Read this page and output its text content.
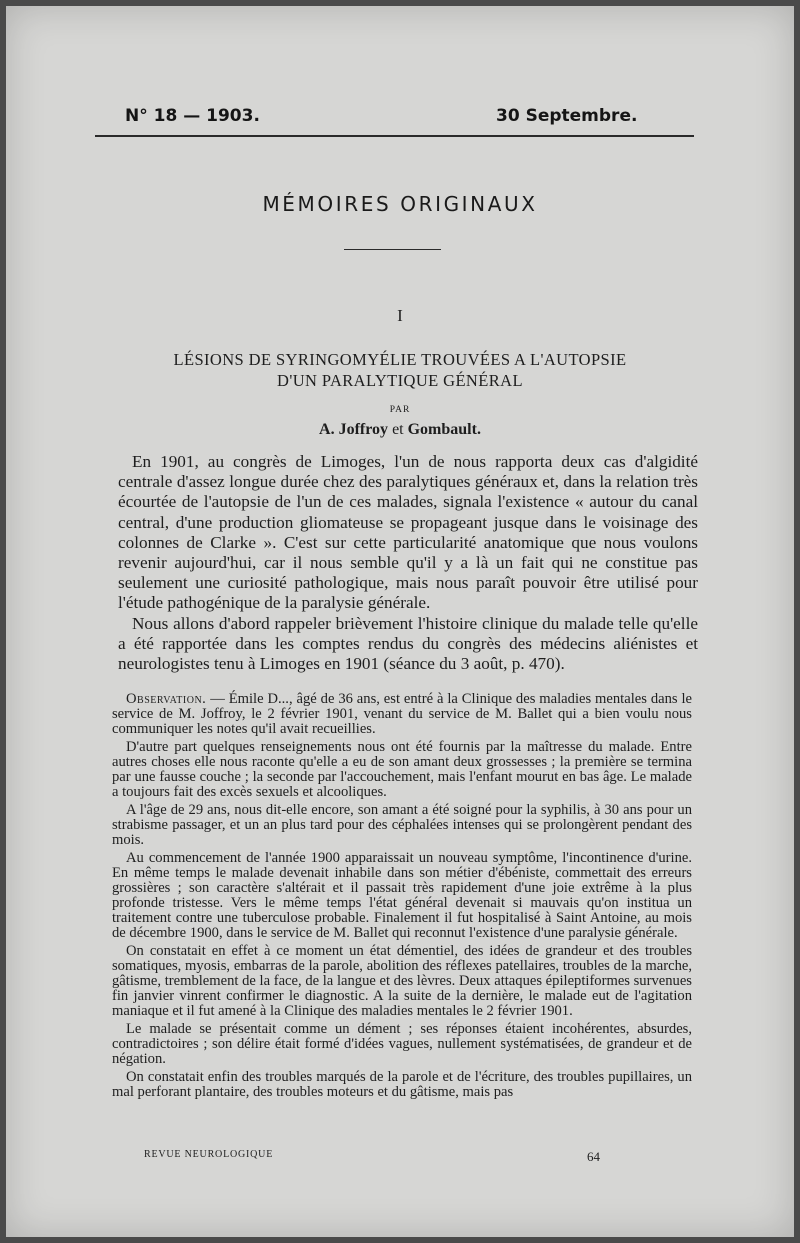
N° 18 — 1903.	30 Septembre.
MÉMOIRES ORIGINAUX
I
LÉSIONS DE SYRINGOMYÉLIE TROUVÉES A L'AUTOPSIE
D'UN PARALYTIQUE GÉNÉRAL
PAR
A. Joffroy et Gombault.

En 1901, au congrès de Limoges, l'un de nous rapporta deux cas d'algidité centrale d'assez longue durée chez des paralytiques généraux et, dans la relation très écourtée de l'autopsie de l'un de ces malades, signala l'existence « autour du canal central, d'une production gliomateuse se propageant jusque dans le voisinage des colonnes de Clarke ». C'est sur cette particularité anatomique que nous voulons revenir aujourd'hui, car il nous semble qu'il y a là un fait qui ne constitue pas seulement une curiosité pathologique, mais nous paraît pouvoir être utilisé pour l'étude pathogénique de la paralysie générale.

Nous allons d'abord rappeler brièvement l'histoire clinique du malade telle qu'elle a été rapportée dans les comptes rendus du congrès des médecins aliénistes et neurologistes tenu à Limoges en 1901 (séance du 3 août, p. 470).

Observation. — Émile D..., âgé de 36 ans, est entré à la Clinique des maladies mentales dans le service de M. Joffroy, le 2 février 1901, venant du service de M. Ballet qui a bien voulu nous communiquer les notes qu'il avait recueillies.

D'autre part quelques renseignements nous ont été fournis par la maîtresse du malade. Entre autres choses elle nous raconte qu'elle a eu de son amant deux grossesses ; la première se termina par une fausse couche ; la seconde par l'accouchement, mais l'enfant mourut en bas âge. Le malade a toujours fait des excès sexuels et alcooliques.

A l'âge de 29 ans, nous dit-elle encore, son amant a été soigné pour la syphilis, à 30 ans pour un strabisme passager, et un an plus tard pour des céphalées intenses qui se prolongèrent pendant des mois.

Au commencement de l'année 1900 apparaissait un nouveau symptôme, l'incontinence d'urine. En même temps le malade devenait inhabile dans son métier d'ébéniste, commettait des erreurs grossières ; son caractère s'altérait et il passait très rapidement d'une joie extrême à la plus profonde tristesse. Vers le même temps l'état général devenait si mauvais qu'on institua un traitement contre une tuberculose probable. Finalement il fut hospitalisé à Saint Antoine, au mois de décembre 1900, dans le service de M. Ballet qui reconnut l'existence d'une paralysie générale.

On constatait en effet à ce moment un état démentiel, des idées de grandeur et des troubles somatiques, myosis, embarras de la parole, abolition des réflexes patellaires, troubles de la marche, gâtisme, tremblement de la face, de la langue et des lèvres. Deux attaques épileptiformes survenues fin janvier vinrent confirmer le diagnostic. A la suite de la dernière, le malade eut de l'agitation maniaque et il fut amené à la Clinique des maladies mentales le 2 février 1901.

Le malade se présentait comme un dément ; ses réponses étaient incohérentes, absurdes, contradictoires ; son délire était formé d'idées vagues, nullement systématisées, de grandeur et de négation.

On constatait enfin des troubles marqués de la parole et de l'écriture, des troubles pupillaires, un mal perforant plantaire, des troubles moteurs et du gâtisme, mais pas

REVUE NEUROLOGIQUE	64
